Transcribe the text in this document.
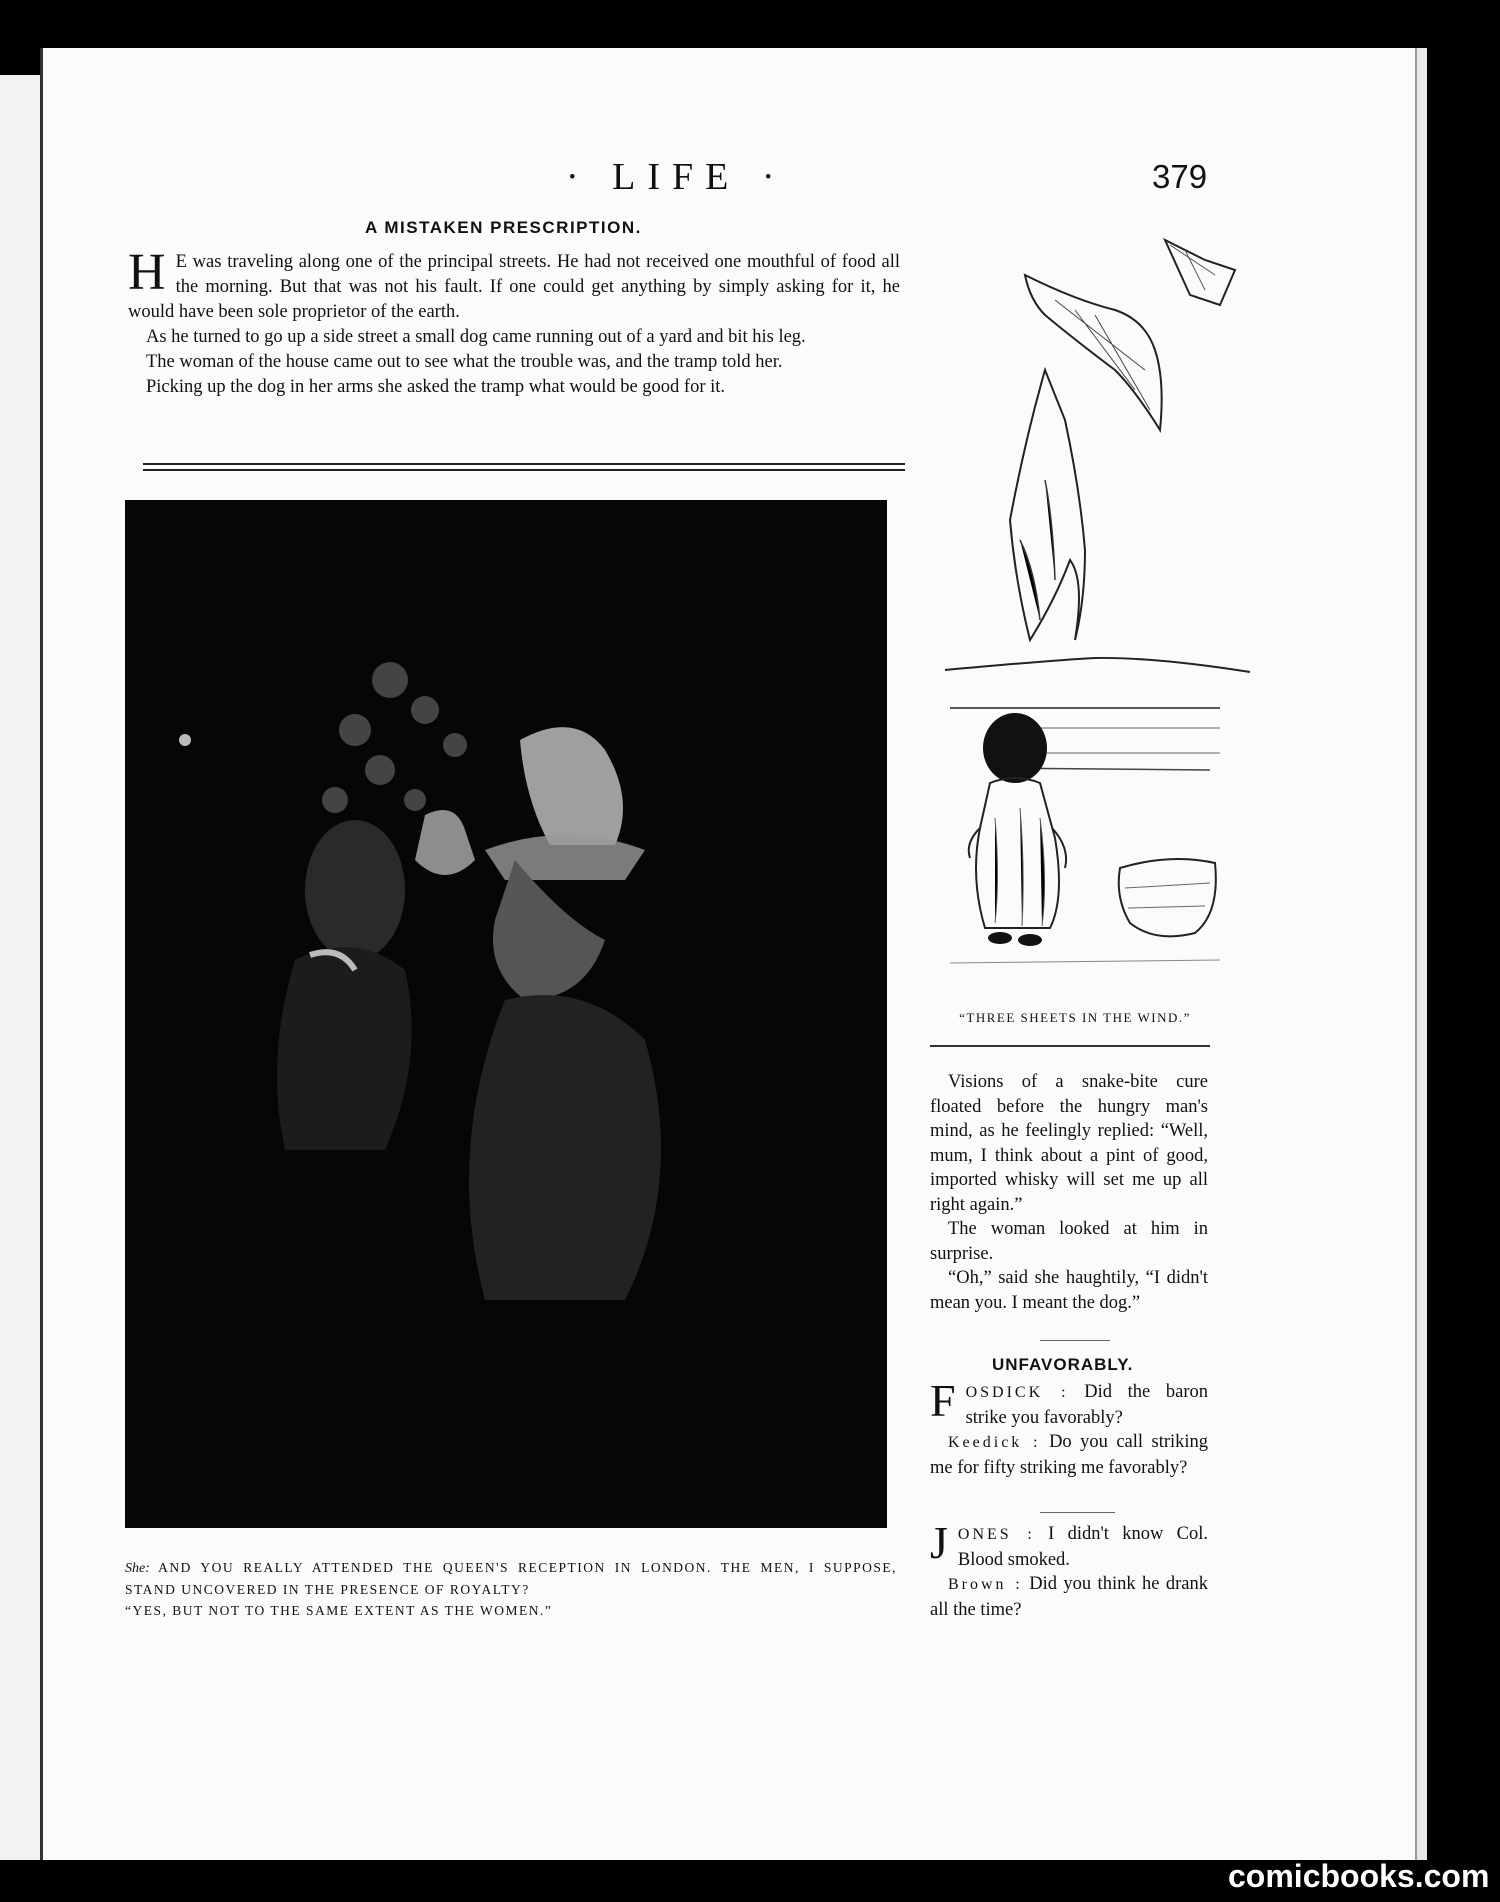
· LIFE ·	379
A MISTAKEN PRESCRIPTION.

H E was traveling along one of the principal streets. He had not received one mouthful of food all the morning. But that was not his fault. If one could get anything by simply asking for it, he would have been sole proprietor of the earth.

As he turned to go up a side street a small dog came running out of a yard and bit his leg.

The woman of the house came out to see what the trouble was, and the tramp told her.

Picking up the dog in her arms she asked the tramp what would be good for it.

She: AND YOU REALLY ATTENDED THE QUEEN'S RECEPTION IN LONDON. THE MEN, I SUPPOSE, STAND UNCOVERED IN THE PRESENCE OF ROYALTY?
“YES, BUT NOT TO THE SAME EXTENT AS THE WOMEN.”
“THREE SHEETS IN THE WIND.”

Visions of a snake-bite cure floated before the hungry man's mind, as he feelingly replied: “Well, mum, I think about a pint of good, imported whisky will set me up all right again.”

The woman looked at him in surprise.

“Oh,” said she haughtily, “I didn't mean you. I meant the dog.”

UNFAVORABLY.

FOSDICK : Did the baron strike you favorably?

Keedick : Do you call striking me for fifty striking me favorably?

JONES : I didn't know Col. Blood smoked.

Brown : Did you think he drank all the time?

comicbooks.com
